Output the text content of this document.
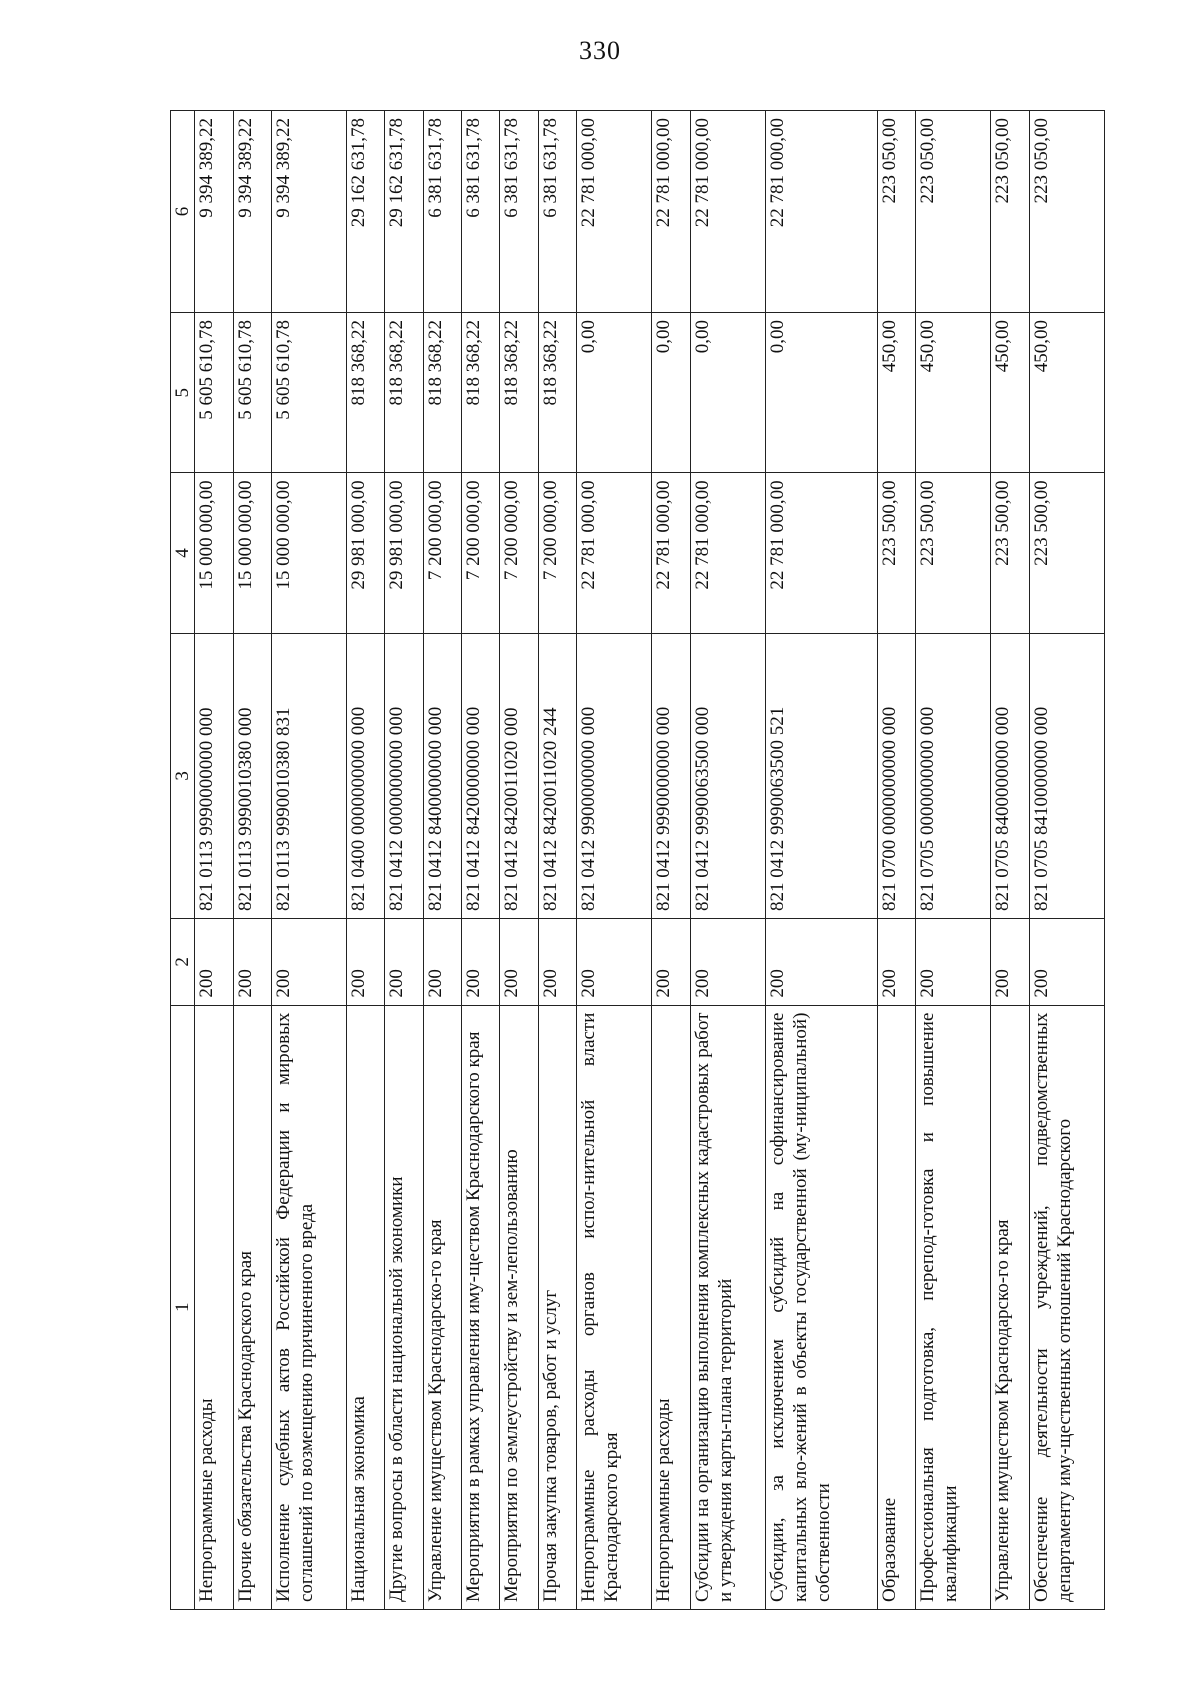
330
1	2	3	4	5	6
Непрограммные расходы	200	821 0113 9990000000 000	15 000 000,00	5 605 610,78	9 394 389,22
Прочие обязательства Краснодарского края	200	821 0113 9990010380 000	15 000 000,00	5 605 610,78	9 394 389,22
Исполнение судебных актов Российской Федерации и мировых соглашений по возмещению причиненного вреда	200	821 0113 9990010380 831	15 000 000,00	5 605 610,78	9 394 389,22
Национальная экономика	200	821 0400 0000000000 000	29 981 000,00	818 368,22	29 162 631,78
Другие вопросы в области национальной экономики	200	821 0412 0000000000 000	29 981 000,00	818 368,22	29 162 631,78
Управление имуществом Краснодарско-го края	200	821 0412 8400000000 000	7 200 000,00	818 368,22	6 381 631,78
Мероприятия в рамках управления иму-ществом Краснодарского края	200	821 0412 8420000000 000	7 200 000,00	818 368,22	6 381 631,78
Мероприятия по землеустройству и зем-лепользованию	200	821 0412 8420011020 000	7 200 000,00	818 368,22	6 381 631,78
Прочая закупка товаров, работ и услуг	200	821 0412 8420011020 244	7 200 000,00	818 368,22	6 381 631,78
Непрограммные расходы органов испол-нительной власти Краснодарского края	200	821 0412 9900000000 000	22 781 000,00	0,00	22 781 000,00
Непрограммные расходы	200	821 0412 9990000000 000	22 781 000,00	0,00	22 781 000,00
Субсидии на организацию выполнения комплексных кадастровых работ и утверждения карты-плана территорий	200	821 0412 9990063500 000	22 781 000,00	0,00	22 781 000,00
Субсидии, за исключением субсидий на софинансирование капитальных вло-жений в объекты государственной (му-ниципальной) собственности	200	821 0412 9990063500 521	22 781 000,00	0,00	22 781 000,00
Образование	200	821 0700 0000000000 000	223 500,00	450,00	223 050,00
Профессиональная подготовка, перепод-готовка и повышение квалификации	200	821 0705 0000000000 000	223 500,00	450,00	223 050,00
Управление имуществом Краснодарско-го края	200	821 0705 8400000000 000	223 500,00	450,00	223 050,00
Обеспечение деятельности учреждений, подведомственных департаменту иму-щественных отношений Краснодарского	200	821 0705 8410000000 000	223 500,00	450,00	223 050,00
